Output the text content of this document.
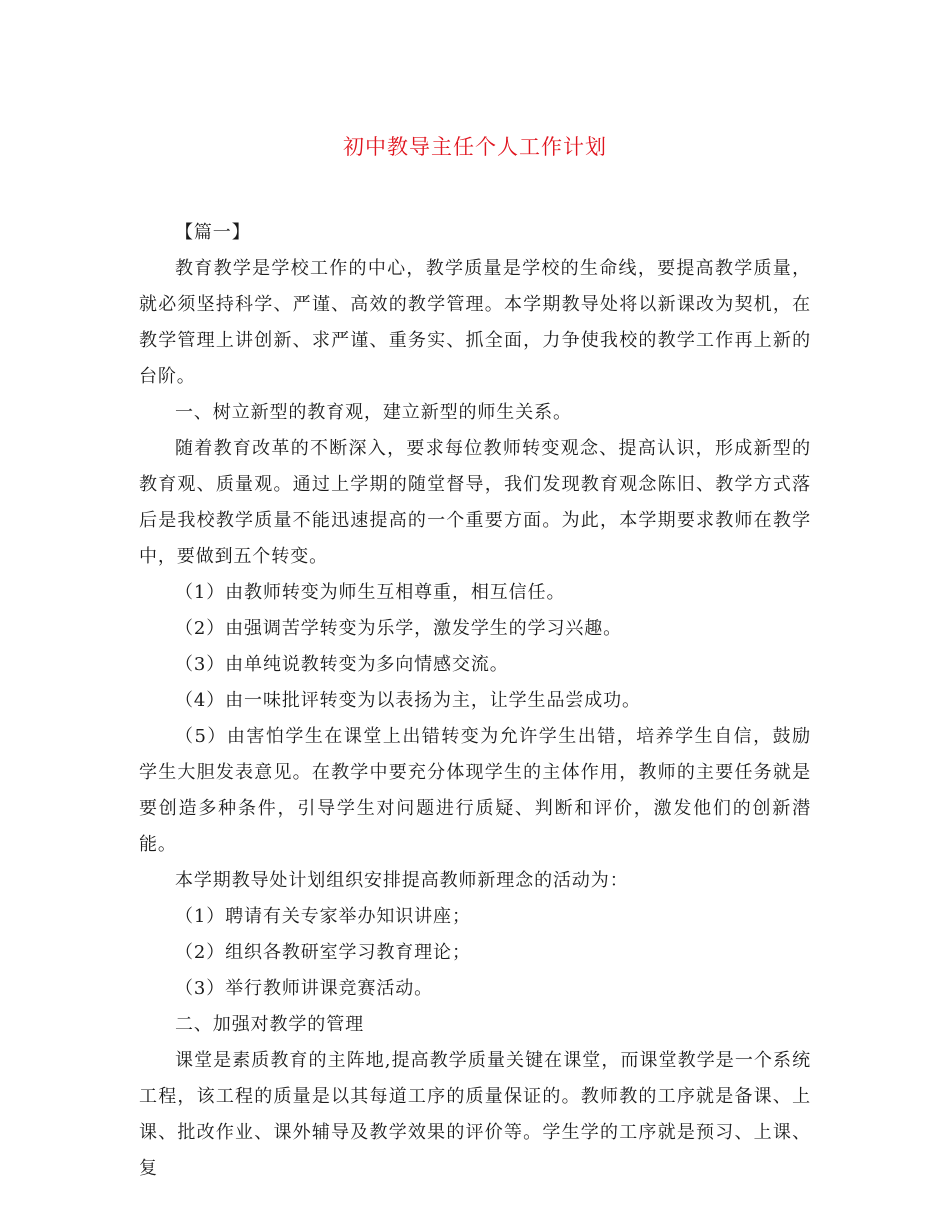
初中教导主任个人工作计划

【篇一】

教育教学是学校工作的中心，教学质量是学校的生命线，要提高教学质量，就必须坚持科学、严谨、高效的教学管理。本学期教导处将以新课改为契机，在教学管理上讲创新、求严谨、重务实、抓全面，力争使我校的教学工作再上新的台阶。

一、树立新型的教育观，建立新型的师生关系。

随着教育改革的不断深入，要求每位教师转变观念、提高认识，形成新型的教育观、质量观。通过上学期的随堂督导，我们发现教育观念陈旧、教学方式落后是我校教学质量不能迅速提高的一个重要方面。为此，本学期要求教师在教学中，要做到五个转变。

（1）由教师转变为师生互相尊重，相互信任。

（2）由强调苦学转变为乐学，激发学生的学习兴趣。

（3）由单纯说教转变为多向情感交流。

（4）由一味批评转变为以表扬为主，让学生品尝成功。

（5）由害怕学生在课堂上出错转变为允许学生出错，培养学生自信，鼓励学生大胆发表意见。在教学中要充分体现学生的主体作用，教师的主要任务就是要创造多种条件，引导学生对问题进行质疑、判断和评价，激发他们的创新潜能。

本学期教导处计划组织安排提高教师新理念的活动为：

（1）聘请有关专家举办知识讲座；

（2）组织各教研室学习教育理论；

（3）举行教师讲课竞赛活动。

二、加强对教学的管理

课堂是素质教育的主阵地,提高教学质量关键在课堂，而课堂教学是一个系统工程，该工程的质量是以其每道工序的质量保证的。教师教的工序就是备课、上课、批改作业、课外辅导及教学效果的评价等。学生学的工序就是预习、上课、复
